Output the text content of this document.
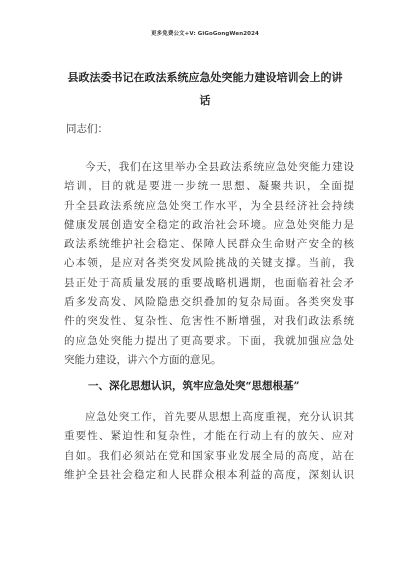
更多免费公文+V: GiGoGongWen2024
县政法委书记在政法系统应急处突能力建设培训会上的讲
话
同志们：

今天，我们在这里举办全县政法系统应急处突能力建设
培训，目的就是要进一步统一思想、凝聚共识，全面提
升全县政法系统应急处突工作水平，为全县经济社会持续
健康发展创造安全稳定的政治社会环境。应急处突能力是
政法系统维护社会稳定、保障人民群众生命财产安全的核
心本领，是应对各类突发风险挑战的关键支撑。当前，我
县正处于高质量发展的重要战略机遇期，也面临着社会矛
盾多发高发、风险隐患交织叠加的复杂局面。各类突发事
件的突发性、复杂性、危害性不断增强，对我们政法系统
的应急处突能力提出了更高要求。下面，我就加强应急处
突能力建设，讲六个方面的意见。

一、深化思想认识，筑牢应急处突“思想根基”

应急处突工作，首先要从思想上高度重视，充分认识其
重要性、紧迫性和复杂性，才能在行动上有的放矢、应对
自如。我们必须站在党和国家事业发展全局的高度，站在
维护全县社会稳定和人民群众根本利益的高度，深刻认识
